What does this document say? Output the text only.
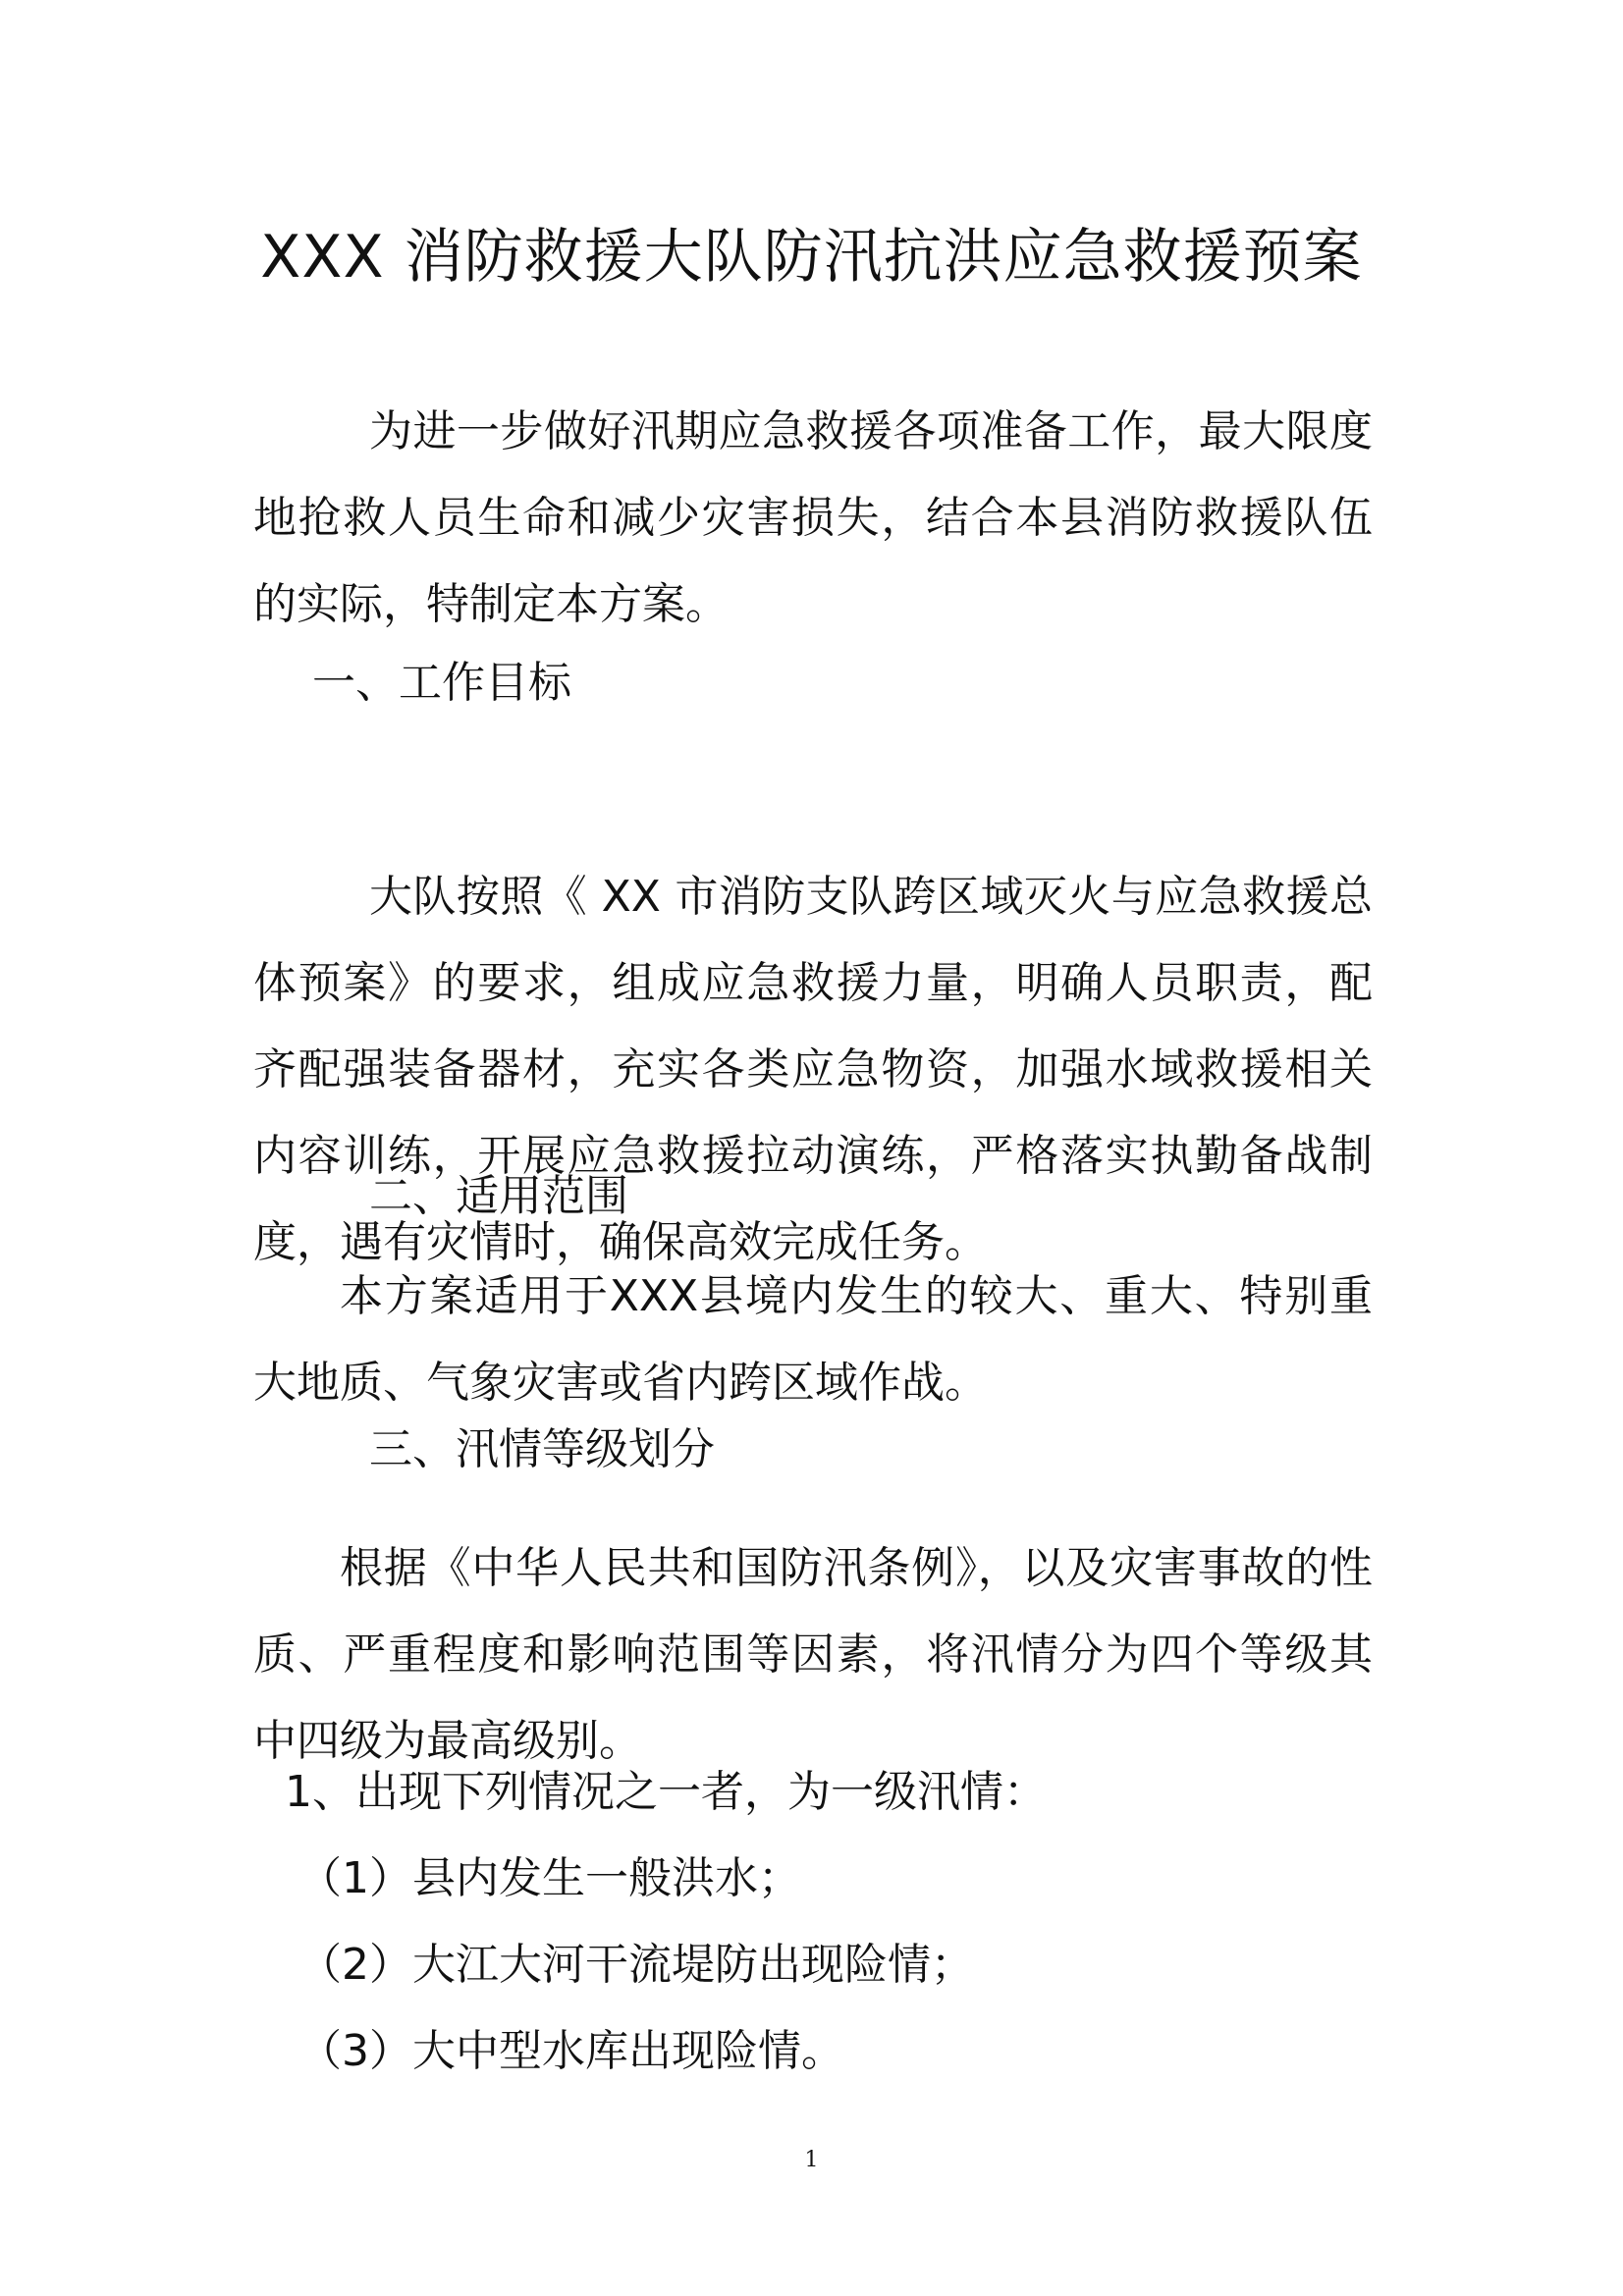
XXX 消防救援大队防汛抗洪应急救援预案

为进一步做好汛期应急救援各项准备工作，最大限度地抢救人员生命和减少灾害损失，结合本县消防救援队伍的实际，特制定本方案。

一、工作目标

大队按照《 XX 市消防支队跨区域灭火与应急救援总体预案》的要求，组成应急救援力量，明确人员职责，配齐配强装备器材，充实各类应急物资，加强水域救援相关内容训练，开展应急救援拉动演练，严格落实执勤备战制度，遇有灾情时，确保高效完成任务。

二、适用范围

本方案适用于XXX县境内发生的较大、重大、特别重大地质、气象灾害或省内跨区域作战。

三、汛情等级划分

根据《中华人民共和国防汛条例》，以及灾害事故的性质、严重程度和影响范围等因素，将汛情分为四个等级其中四级为最高级别。

1、出现下列情况之一者，为一级汛情：
（1）县内发生一般洪水；
（2）大江大河干流堤防出现险情；
（3）大中型水库出现险情。
1
